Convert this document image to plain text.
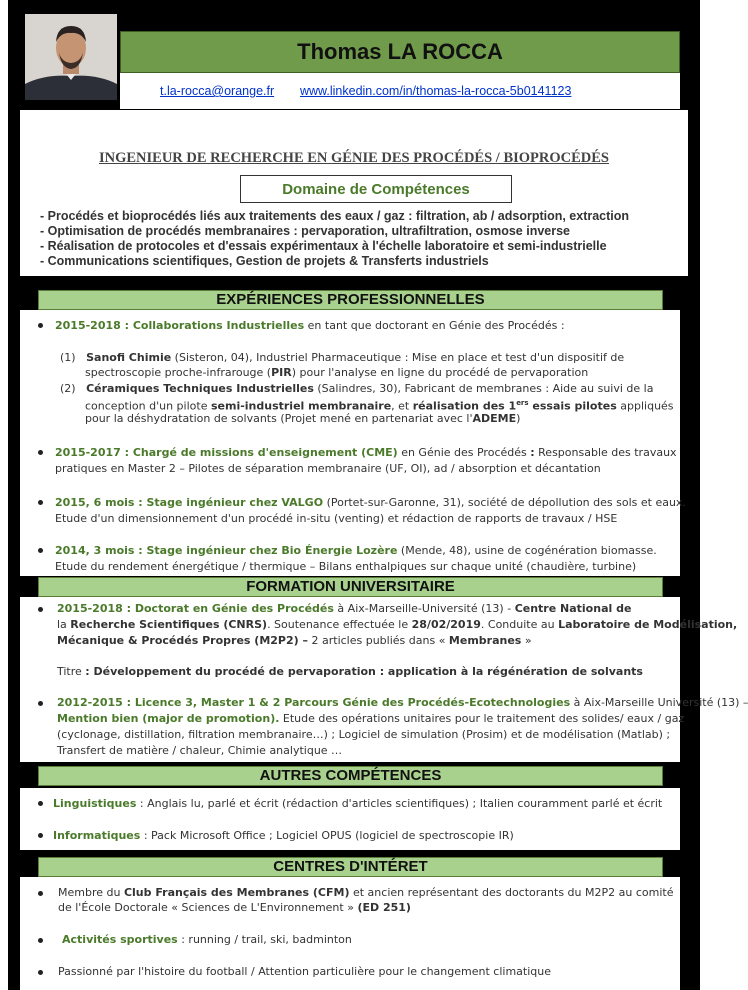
Thomas LA ROCCA
t.la-rocca@orange.fr www.linkedin.com/in/thomas-la-rocca-5b0141123
INGENIEUR DE RECHERCHE EN GÉNIE DES PROCÉDÉS / BIOPROCÉDÉS
Domaine de Compétences
- Procédés et bioprocédés liés aux traitements des eaux / gaz : filtration, ab / adsorption, extraction
- Optimisation de procédés membranaires : pervaporation, ultrafiltration, osmose inverse
- Réalisation de protocoles et d'essais expérimentaux à l'échelle laboratoire et semi-industrielle
- Communications scientifiques, Gestion de projets & Transferts industriels
EXPÉRIENCES PROFESSIONNELLES
2015-2018 : Collaborations Industrielles en tant que doctorant en Génie des Procédés :
(1) Sanofi Chimie (Sisteron, 04), Industriel Pharmaceutique : Mise en place et test d'un dispositif de
spectroscopie proche-infrarouge (PIR) pour l'analyse en ligne du procédé de pervaporation
(2) Céramiques Techniques Industrielles (Salindres, 30), Fabricant de membranes : Aide au suivi de la
conception d'un pilote semi-industriel membranaire, et réalisation des 1ers essais pilotes appliqués
pour la déshydratation de solvants (Projet mené en partenariat avec l'ADEME)
2015-2017 : Chargé de missions d'enseignement (CME) en Génie des Procédés : Responsable des travaux
pratiques en Master 2 – Pilotes de séparation membranaire (UF, OI), ad / absorption et décantation
2015, 6 mois : Stage ingénieur chez VALGO (Portet-sur-Garonne, 31), société de dépollution des sols et eaux.
Etude d'un dimensionnement d'un procédé in-situ (venting) et rédaction de rapports de travaux / HSE
2014, 3 mois : Stage ingénieur chez Bio Énergie Lozère (Mende, 48), usine de cogénération biomasse.
Etude du rendement énergétique / thermique – Bilans enthalpiques sur chaque unité (chaudière, turbine)
FORMATION UNIVERSITAIRE
2015-2018 : Doctorat en Génie des Procédés à Aix-Marseille-Université (13) - Centre National de
la Recherche Scientifiques (CNRS). Soutenance effectuée le 28/02/2019. Conduite au Laboratoire de Modélisation,
Mécanique & Procédés Propres (M2P2) – 2 articles publiés dans « Membranes »
Titre : Développement du procédé de pervaporation : application à la régénération de solvants
2012-2015 : Licence 3, Master 1 & 2 Parcours Génie des Procédés-Ecotechnologies à Aix-Marseille Université (13) –
Mention bien (major de promotion). Etude des opérations unitaires pour le traitement des solides/ eaux / gaz
(cyclonage, distillation, filtration membranaire…) ; Logiciel de simulation (Prosim) et de modélisation (Matlab) ;
Transfert de matière / chaleur, Chimie analytique …
AUTRES COMPÉTENCES
Linguistiques : Anglais lu, parlé et écrit (rédaction d'articles scientifiques) ; Italien couramment parlé et écrit
Informatiques : Pack Microsoft Office ; Logiciel OPUS (logiciel de spectroscopie IR)
CENTRES D'INTÉRET
Membre du Club Français des Membranes (CFM) et ancien représentant des doctorants du M2P2 au comité
de l'École Doctorale « Sciences de L'Environnement » (ED 251)
Activités sportives : running / trail, ski, badminton
Passionné par l'histoire du football / Attention particulière pour le changement climatique
